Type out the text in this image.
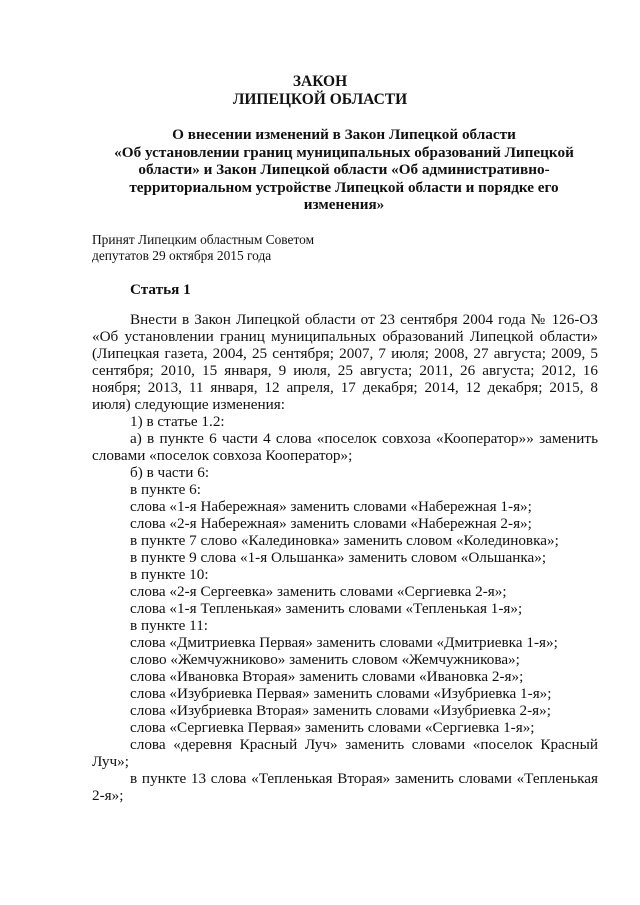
ЗАКОН
ЛИПЕЦКОЙ ОБЛАСТИ
О внесении изменений в Закон Липецкой области
«Об установлении границ муниципальных образований Липецкой
области» и Закон Липецкой области «Об административно-
территориальном устройстве Липецкой области и порядке его
изменения»
Принят Липецким областным Советом
депутатов 29 октября 2015 года
Статья 1

Внести в Закон Липецкой области от 23 сентября 2004 года № 126-ОЗ «Об установлении границ муниципальных образований Липецкой области» (Липецкая газета, 2004, 25 сентября; 2007, 7 июля; 2008, 27 августа; 2009, 5 сентября; 2010, 15 января, 9 июля, 25 августа; 2011, 26 августа; 2012, 16 ноября; 2013, 11 января, 12 апреля, 17 декабря; 2014, 12 декабря; 2015, 8 июля) следующие изменения:

1) в статье 1.2:

а) в пункте 6 части 4 слова «поселок совхоза «Кооператор»» заменить словами «поселок совхоза Кооператор»;

б) в части 6:

в пункте 6:

слова «1-я Набережная» заменить словами «Набережная 1-я»;

слова «2-я Набережная» заменить словами «Набережная 2-я»;

в пункте 7 слово «Калединовка» заменить словом «Колединовка»;

в пункте 9 слова «1-я Ольшанка» заменить словом «Ольшанка»;

в пункте 10:

слова «2-я Сергеевка» заменить словами «Сергиевка 2-я»;

слова «1-я Тепленькая» заменить словами «Тепленькая 1-я»;

в пункте 11:

слова «Дмитриевка Первая» заменить словами «Дмитриевка 1-я»;

слово «Жемчужниково» заменить словом «Жемчужникова»;

слова «Ивановка Вторая» заменить словами «Ивановка 2-я»;

слова «Изубриевка Первая» заменить словами «Изубриевка 1-я»;

слова «Изубриевка Вторая» заменить словами «Изубриевка 2-я»;

слова «Сергиевка Первая» заменить словами «Сергиевка 1-я»;

слова «деревня Красный Луч» заменить словами «поселок Красный Луч»;

в пункте 13 слова «Тепленькая Вторая» заменить словами «Тепленькая 2-я»;
